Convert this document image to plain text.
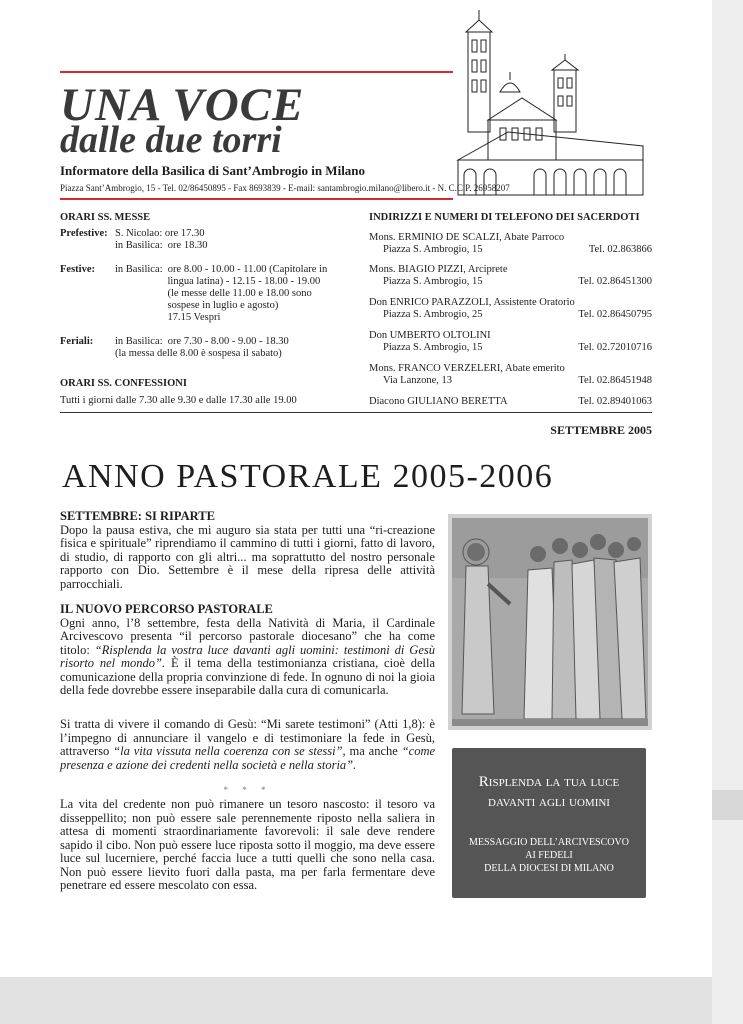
UNA VOCE
dalle due torri
Informatore della Basilica di Sant’Ambrogio in Milano
Piazza Sant’Ambrogio, 15 - Tel. 02/86450895 - Fax 8693839 - E-mail: santambrogio.milano@libero.it - N. C.C.P. 26958207
ORARI SS. MESSE
Prefestive: S. Nicolao: ore 17.30
in Basilica:  ore 18.30
Festive:	in Basilica:  ore 8.00 - 10.00 - 11.00 (Capitolare in
lingua latina) - 12.15 - 18.00 - 19.00
(le messe delle 11.00 e 18.00 sono
sospese in luglio e agosto)
17.15 Vespri
Feriali:	in Basilica:  ore 7.30 - 8.00 - 9.00 - 18.30
(la messa delle 8.00 è sospesa il sabato)
ORARI SS. CONFESSIONI
Tutti i giorni dalle 7.30 alle 9.30 e dalle 17.30 alle 19.00
INDIRIZZI E NUMERI DI TELEFONO DEI SACERDOTI
Mons. ERMINIO DE SCALZI, Abate Parroco
Piazza S. Ambrogio, 15	Tel. 02.863866
Mons. BIAGIO PIZZI, Arciprete
Piazza S. Ambrogio, 15	Tel. 02.86451300
Don ENRICO PARAZZOLI, Assistente Oratorio
Piazza S. Ambrogio, 25	Tel. 02.86450795
Don UMBERTO OLTOLINI
Piazza S. Ambrogio, 15	Tel. 02.72010716
Mons. FRANCO VERZELERI, Abate emerito
Via Lanzone, 13	Tel. 02.86451948
Diacono GIULIANO BERETTA	Tel. 02.89401063
SETTEMBRE 2005
ANNO PASTORALE 2005-2006

SETTEMBRE: SI RIPARTE

Dopo la pausa estiva, che mi auguro sia stata per tutti una “ri-creazione fisica e spirituale” riprendiamo il cammino di tutti i giorni, fatto di lavoro, di studio, di rapporto con gli altri... ma soprattutto del nostro personale rapporto con Dio. Settembre è il mese della ripresa delle attività parrocchiali.

IL NUOVO PERCORSO PASTORALE

Ogni anno, l’8 settembre, festa della Natività di Maria, il Cardinale Arcivescovo presenta “il percorso pastorale diocesano” che ha come titolo: “Risplenda la vostra luce davanti agli uomini: testimoni di Gesù risorto nel mondo”. È il tema della testimonianza cristiana, cioè della comunicazione della propria convinzione di fede. In ognuno di noi la gioia della fede dovrebbe essere inseparabile dalla cura di comunicarla.

Si tratta di vivere il comando di Gesù: “Mi sarete testimoni” (Atti 1,8): è l’impegno di annunciare il vangelo e di testimoniare la fede in Gesù, attraverso “la vita vissuta nella coerenza con se stessi”, ma anche “come presenza e azione dei credenti nella società e nella storia”.

* * *

La vita del credente non può rimanere un tesoro nascosto: il tesoro va disseppellito; non può essere sale perennemente riposto nella saliera in attesa di momenti straordinariamente favorevoli: il sale deve rendere sapido il cibo. Non può essere luce riposta sotto il moggio, ma deve essere luce sul lucerniere, perché faccia luce a tutti quelli che sono nella casa. Non può essere lievito fuori dalla pasta, ma per farla fermentare deve penetrare ed essere mescolato con essa.

Risplenda la tua luce
davanti agli uomini
MESSAGGIO DELL’ARCIVESCOVO
AI FEDELI
DELLA DIOCESI DI MILANO
